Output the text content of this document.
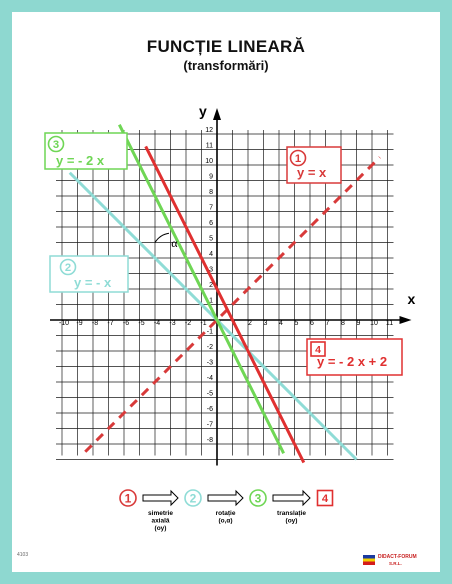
FUNCȚIE LINEARĂ
(transformări)
x
y
-10 -9 -8 -7 -6 -5 -4 -3 -2 -1	2 3 4 5 6 7 8 9 10 11
12
11
10
9
8
7
6
5
4
3
2
1
-1
-2
-3
-4
-5
-6
-7
-8
α
1
y = x
2
y = - x
3
y = - 2 x
4
y = - 2 x + 2
1	2	3	4
simetrie
axială
(oy)
rotație
(o,α)
translație
(oy)
4103	DIDACT-FORUM
S.R.L.
